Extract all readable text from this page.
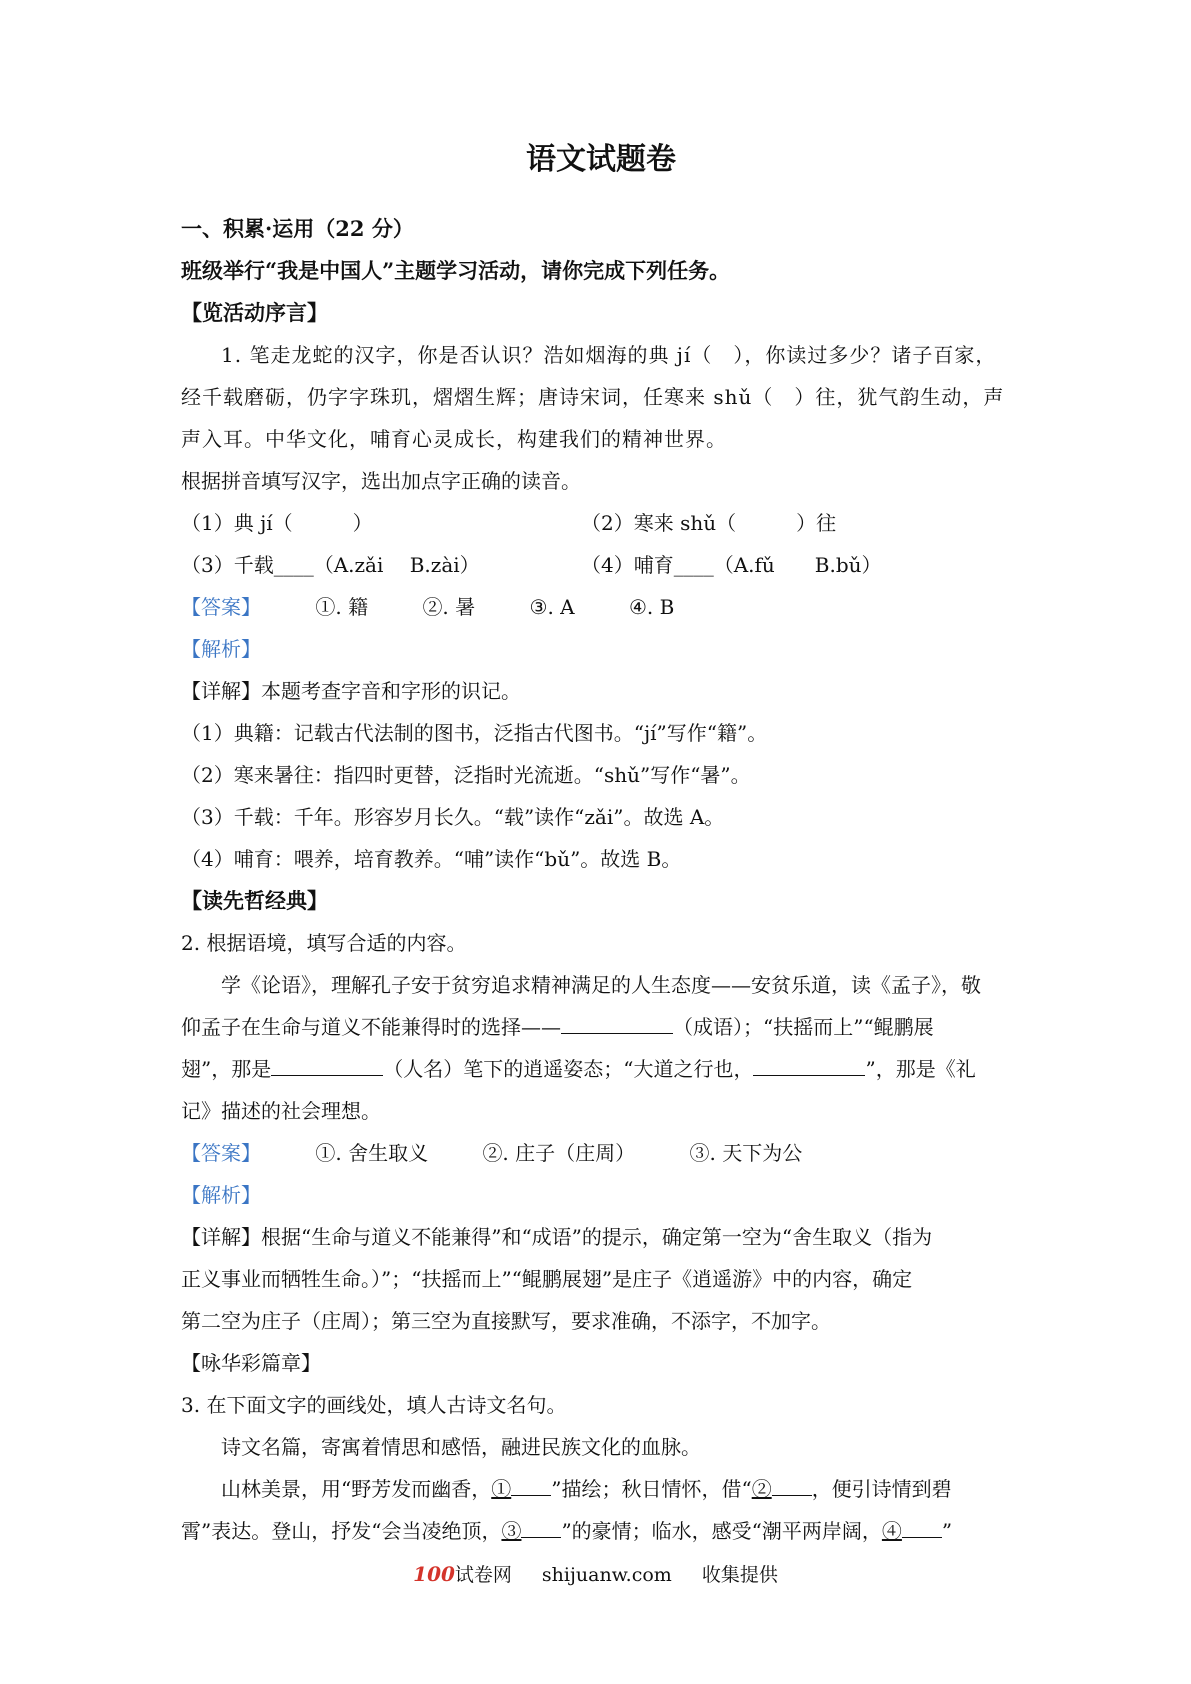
语文试题卷
一、积累·运用（22 分）
班级举行“我是中国人”主题学习活动，请你完成下列任务。
【览活动序言】
1. 笔走龙蛇的汉字，你是否认识？浩如烟海的典 jí（　），你读过多少？诸子百家，
经千载磨砺，仍字字珠玑，熠熠生辉；唐诗宋词，任寒来 shǔ（　）往，犹气韵生动，声
声入耳。中华文化，哺育心灵成长，构建我们的精神世界。
根据拼音填写汉字，选出加点字正确的读音。
（1）典 jí（　　　）	（2）寒来 shǔ（　　　）往
（3）千载____（A.zǎi　 B.zài）	（4）哺育____（A.fǔ　　B.bǔ）
【答案】	①. 籍	②. 暑	③. A	④. B
【解析】
【详解】本题考查字音和字形的识记。
（1）典籍：记载古代法制的图书，泛指古代图书。“jí”写作“籍”。
（2）寒来暑往：指四时更替，泛指时光流逝。“shǔ”写作“暑”。
（3）千载：千年。形容岁月长久。“载”读作“zǎi”。故选 A。
（4）哺育：喂养，培育教养。“哺”读作“bǔ”。故选 B。
【读先哲经典】
2. 根据语境，填写合适的内容。
学《论语》，理解孔子安于贫穷追求精神满足的人生态度——安贫乐道，读《孟子》，敬
仰孟子在生命与道义不能兼得时的选择——	（成语）；“扶摇而上”“鲲鹏展
翅”，那是	（人名）笔下的逍遥姿态；“大道之行也，	”，那是《礼
记》描述的社会理想。
【答案】	①. 舍生取义	②. 庄子（庄周）	③. 天下为公
【解析】
【详解】根据“生命与道义不能兼得”和“成语”的提示，确定第一空为“舍生取义（指为
正义事业而牺牲生命。）”；“扶摇而上”“鲲鹏展翅”是庄子《逍遥游》中的内容，确定
第二空为庄子（庄周）；第三空为直接默写，要求准确，不添字，不加字。
【咏华彩篇章】
3. 在下面文字的画线处，填人古诗文名句。
诗文名篇，寄寓着情思和感悟，融进民族文化的血脉。
山林美景，用“野芳发而幽香，① ”描绘；秋日情怀，借“② ，便引诗情到碧
霄”表达。登山，抒发“会当凌绝顶，③ ”的豪情；临水，感受“潮平两岸阔，④ ”
100试卷网 shijuanw.com 收集提供
